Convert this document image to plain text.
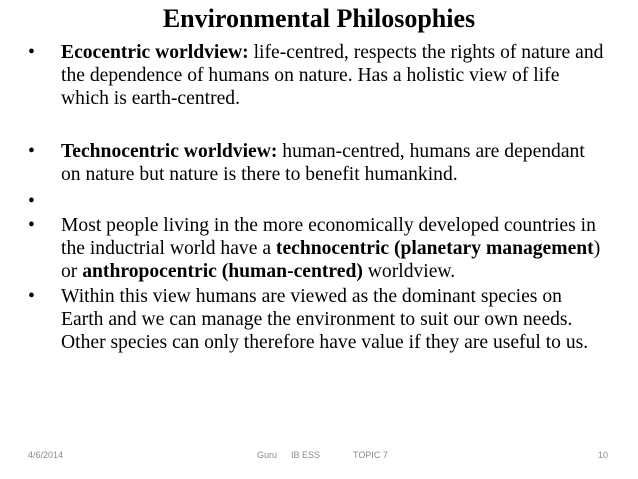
Environmental Philosophies
• Ecocentric worldview: life-centred, respects the rights of nature and the dependence of humans on nature. Has a holistic view of life which is earth-centred.
• Technocentric worldview: human-centred, humans are dependant on nature but nature is there to benefit humankind.
•

• Most people living in the more economically developed countries in the inductrial world have a technocentric (planetary management) or anthropocentric (human-centred) worldview.
• Within this view humans are viewed as the dominant species on Earth and we can manage the environment to suit our own needs. Other species can only therefore have value if they are useful to us.
4/6/2014	Guru IB ESS	TOPIC 7	10
